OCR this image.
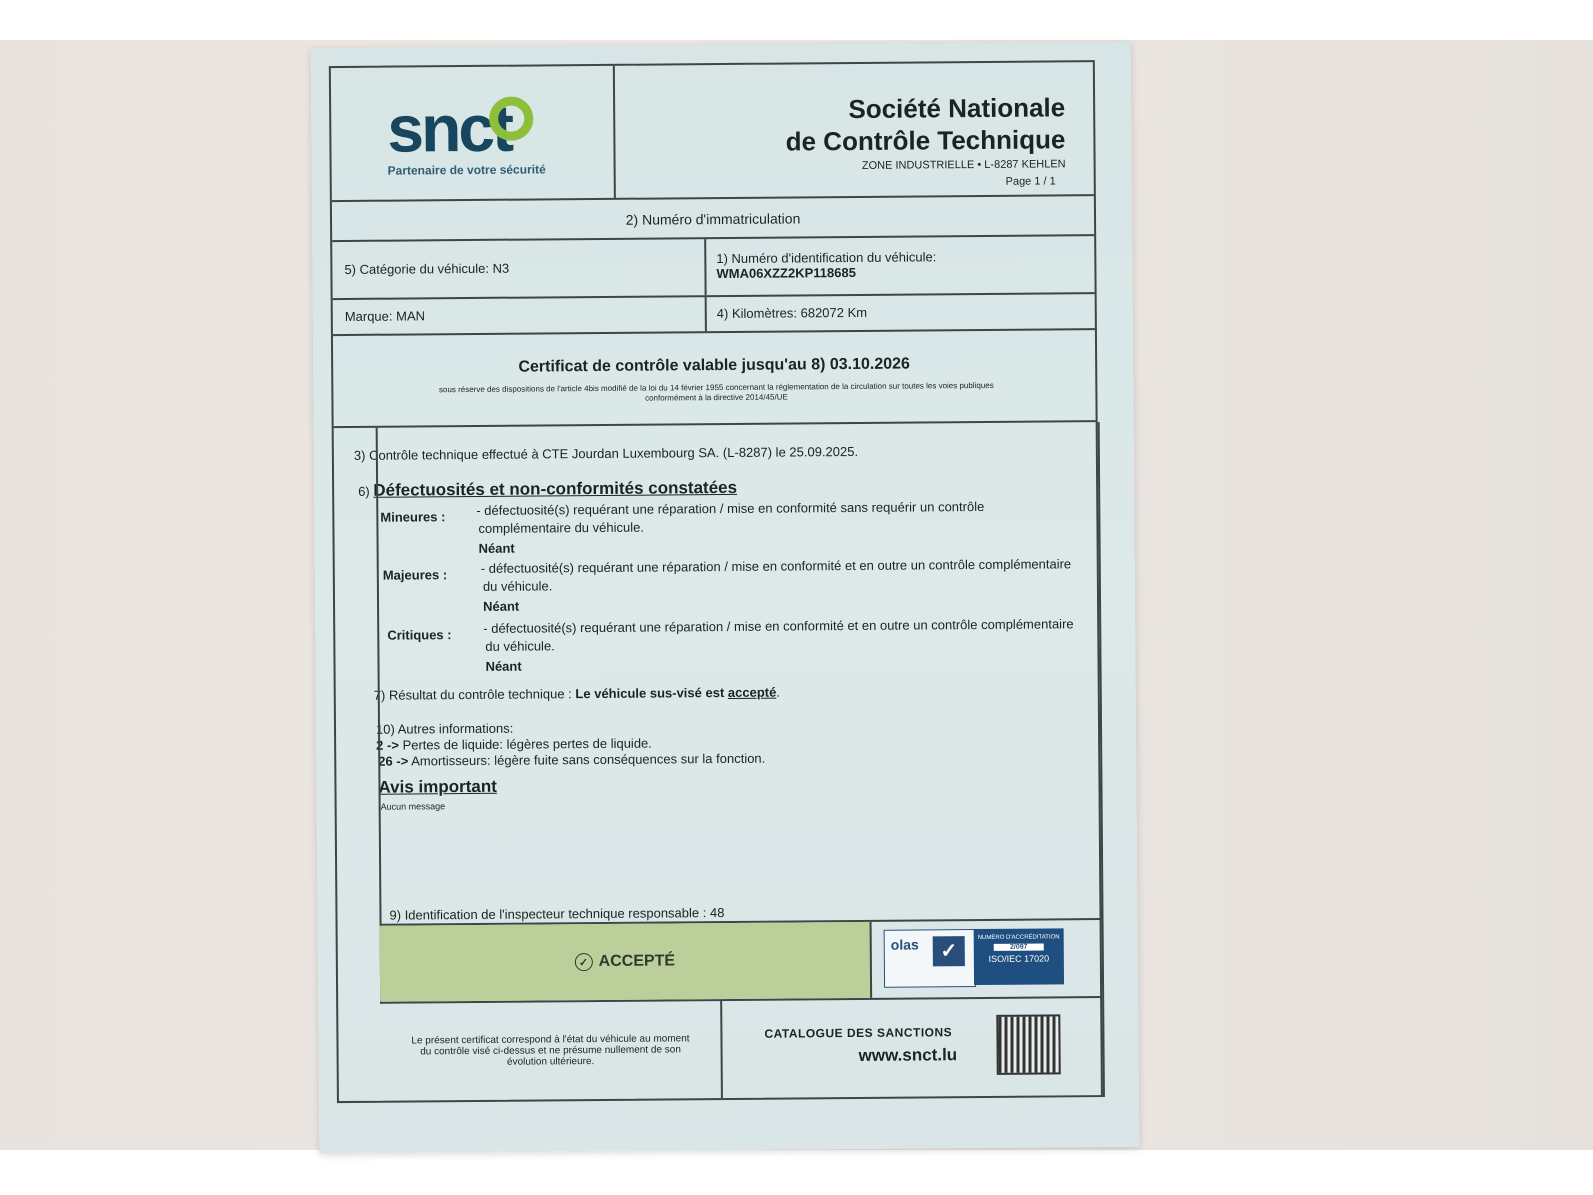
snct
Partenaire de votre sécurité
Société Nationale
de Contrôle Technique
ZONE INDUSTRIELLE • L-8287 KEHLEN
Page 1 / 1
2) Numéro d'immatriculation
5) Catégorie du véhicule: N3
1) Numéro d'identification du véhicule:
WMA06XZZ2KP118685
Marque: MAN	4) Kilomètres: 682072 Km
Certificat de contrôle valable jusqu'au 8) 03.10.2026
sous réserve des dispositions de l'article 4bis modifié de la loi du 14 février 1955 concernant la réglementation de la circulation sur toutes les voies publiques conformément à la directive 2014/45/UE
3) Contrôle technique effectué à CTE Jourdan Luxembourg SA. (L-8287) le 25.09.2025.
6) Défectuosités et non-conformités constatées
Mineures : - défectuosité(s) requérant une réparation / mise en conformité sans requérir un contrôle
complémentaire du véhicule.
Néant
Majeures :	- défectuosité(s) requérant une réparation / mise en conformité et en outre un contrôle complémentaire
du véhicule.
Néant
Critiques : - défectuosité(s) requérant une réparation / mise en conformité et en outre un contrôle complémentaire
du véhicule.
Néant
7) Résultat du contrôle technique : Le véhicule sus-visé est accepté.
10) Autres informations:
2 -> Pertes de liquide: légères pertes de liquide.
26 -> Amortisseurs: légère fuite sans conséquences sur la fonction.
Avis important
Aucun message
9) Identification de l'inspecteur technique responsable : 48
✓ ACCEPTÉ
olas	✓
NUMÉRO D'ACCRÉDITATION
2/097
ISO/IEC 17020
Le présent certificat correspond à l'état du véhicule au moment du contrôle visé ci-dessus et ne présume nullement de son évolution ultérieure.
CATALOGUE DES SANCTIONS
www.snct.lu
